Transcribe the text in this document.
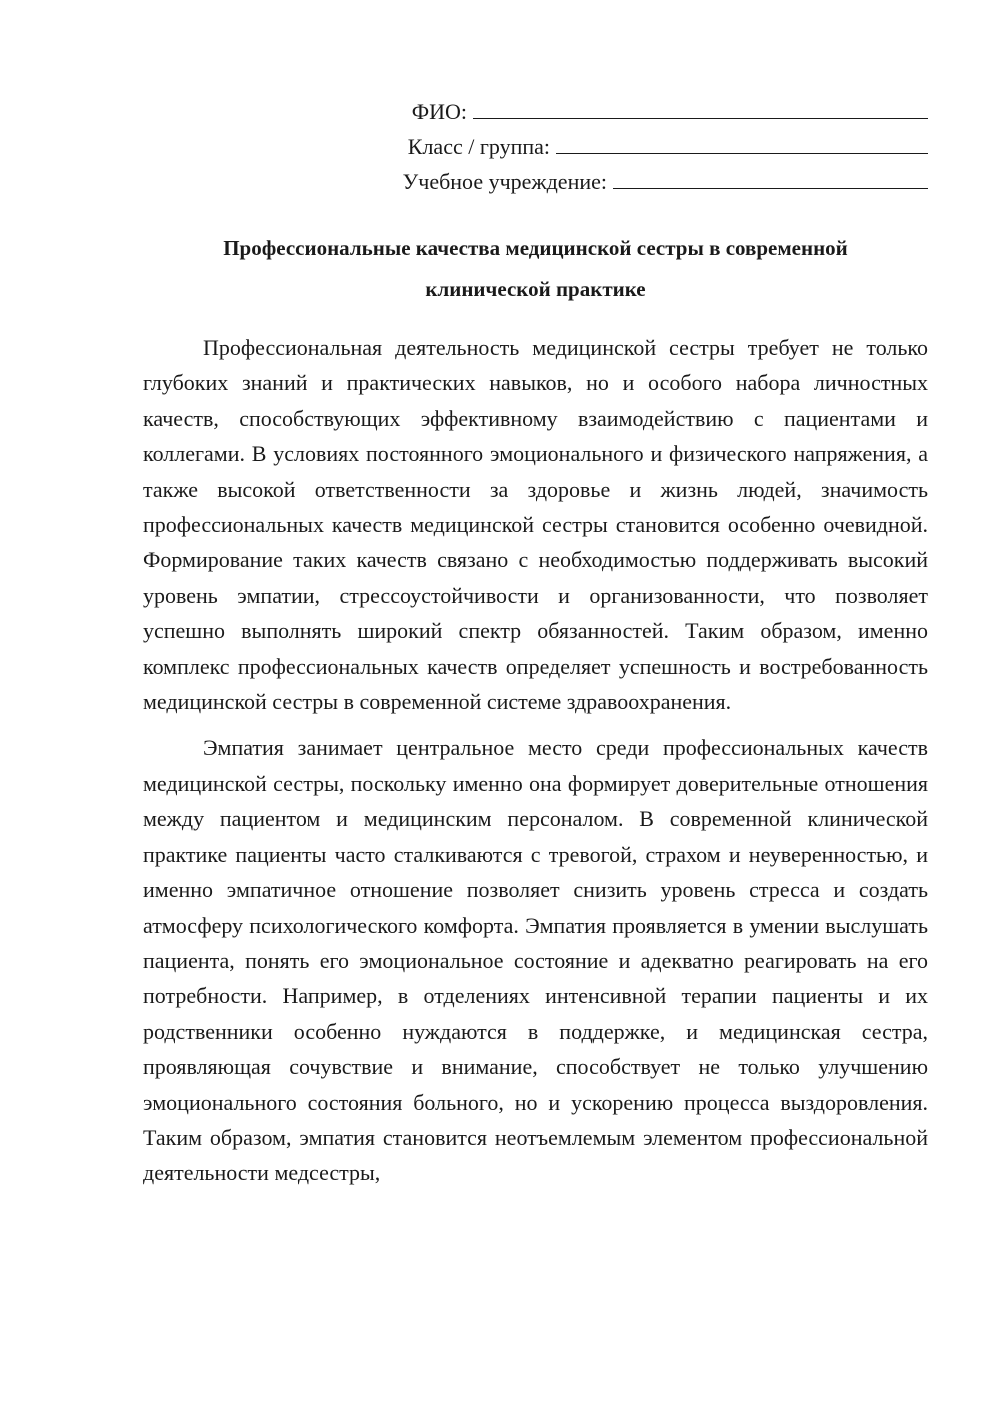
ФИО:
Класс / группа:
Учебное учреждение:
Профессиональные качества медицинской сестры в современной
клинической практике

Профессиональная деятельность медицинской сестры требует не только глубоких знаний и практических навыков, но и особого набора личностных качеств, способствующих эффективному взаимодействию с пациентами и коллегами. В условиях постоянного эмоционального и физического напряжения, а также высокой ответственности за здоровье и жизнь людей, значимость профессиональных качеств медицинской сестры становится особенно очевидной. Формирование таких качеств связано с необходимостью поддерживать высокий уровень эмпатии, стрессоустойчивости и организованности, что позволяет успешно выполнять широкий спектр обязанностей. Таким образом, именно комплекс профессиональных качеств определяет успешность и востребованность медицинской сестры в современной системе здравоохранения.

Эмпатия занимает центральное место среди профессиональных качеств медицинской сестры, поскольку именно она формирует доверительные отношения между пациентом и медицинским персоналом. В современной клинической практике пациенты часто сталкиваются с тревогой, страхом и неуверенностью, и именно эмпатичное отношение позволяет снизить уровень стресса и создать атмосферу психологического комфорта. Эмпатия проявляется в умении выслушать пациента, понять его эмоциональное состояние и адекватно реагировать на его потребности. Например, в отделениях интенсивной терапии пациенты и их родственники особенно нуждаются в поддержке, и медицинская сестра, проявляющая сочувствие и внимание, способствует не только улучшению эмоционального состояния больного, но и ускорению процесса выздоровления. Таким образом, эмпатия становится неотъемлемым элементом профессиональной деятельности медсестры,
